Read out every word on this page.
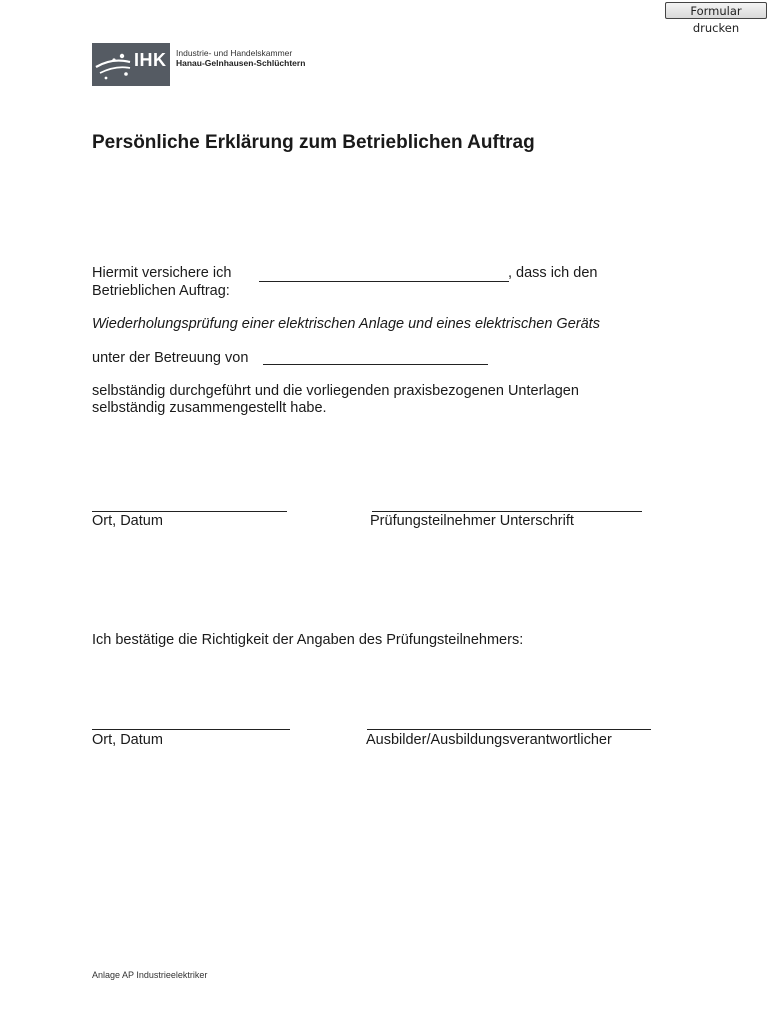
Formular drucken
IHK Industrie- und Handelskammer
Hanau-Gelnhausen-Schlüchtern
Persönliche Erklärung zum Betrieblichen Auftrag
Hiermit versichere ich	, dass ich den
Betrieblichen Auftrag:
Wiederholungsprüfung einer elektrischen Anlage und eines elektrischen Geräts
unter der Betreuung von
selbständig durchgeführt und die vorliegenden praxisbezogenen Unterlagen
selbständig zusammengestellt habe.
Ort, Datum	Prüfungsteilnehmer Unterschrift
Ich bestätige die Richtigkeit der Angaben des Prüfungsteilnehmers:
Ort, Datum	Ausbilder/Ausbildungsverantwortlicher
Anlage AP Industrieelektriker
